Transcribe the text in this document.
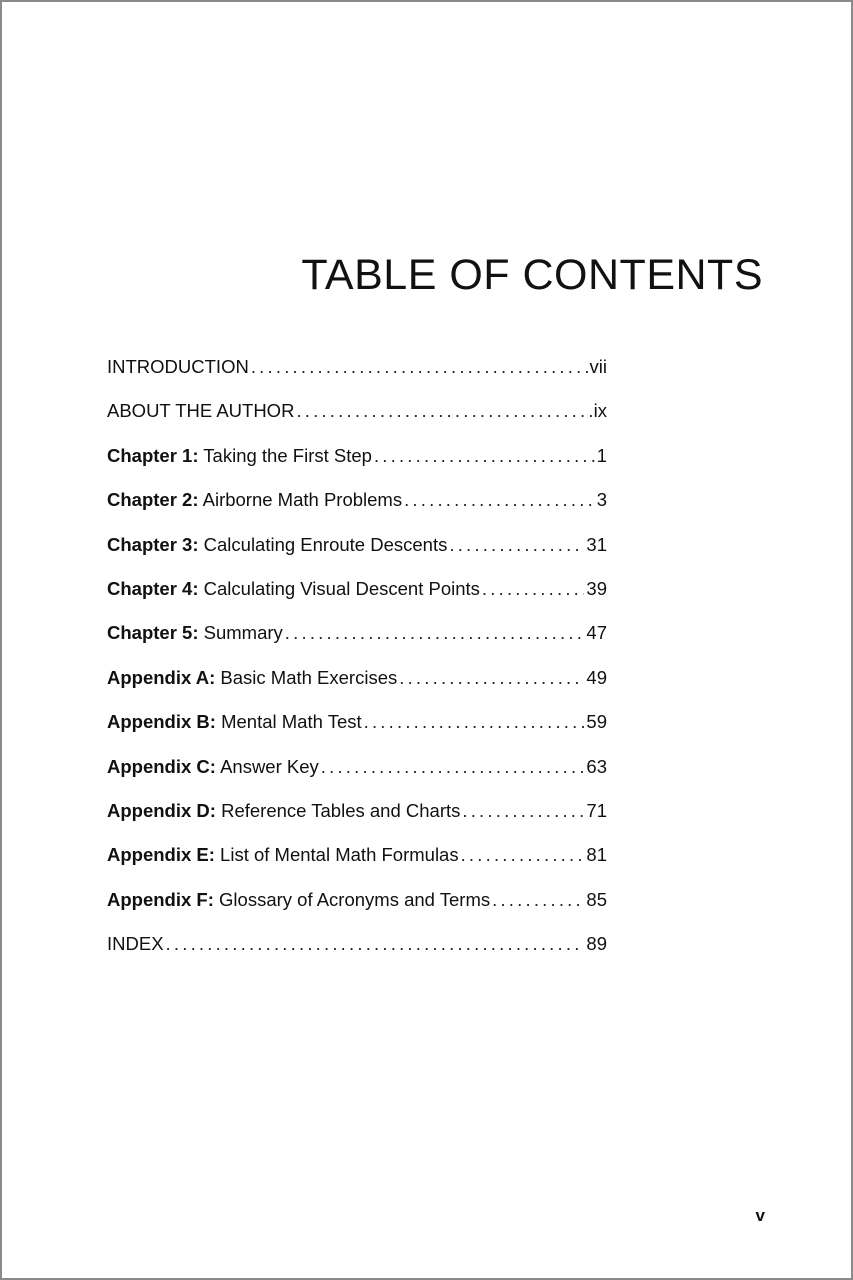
TABLE OF CONTENTS
INTRODUCTION .....	vii
ABOUT THE AUTHOR .....	ix
Chapter 1: Taking the First Step .....	1
Chapter 2: Airborne Math Problems .....	3
Chapter 3: Calculating Enroute Descents .....	31
Chapter 4: Calculating Visual Descent Points .....	39
Chapter 5: Summary .....	47
Appendix A: Basic Math Exercises .....	49
Appendix B: Mental Math Test .....	59
Appendix C: Answer Key .....	63
Appendix D: Reference Tables and Charts .....	71
Appendix E: List of Mental Math Formulas .....	81
Appendix F: Glossary of Acronyms and Terms .....	85
INDEX .....	89
v
